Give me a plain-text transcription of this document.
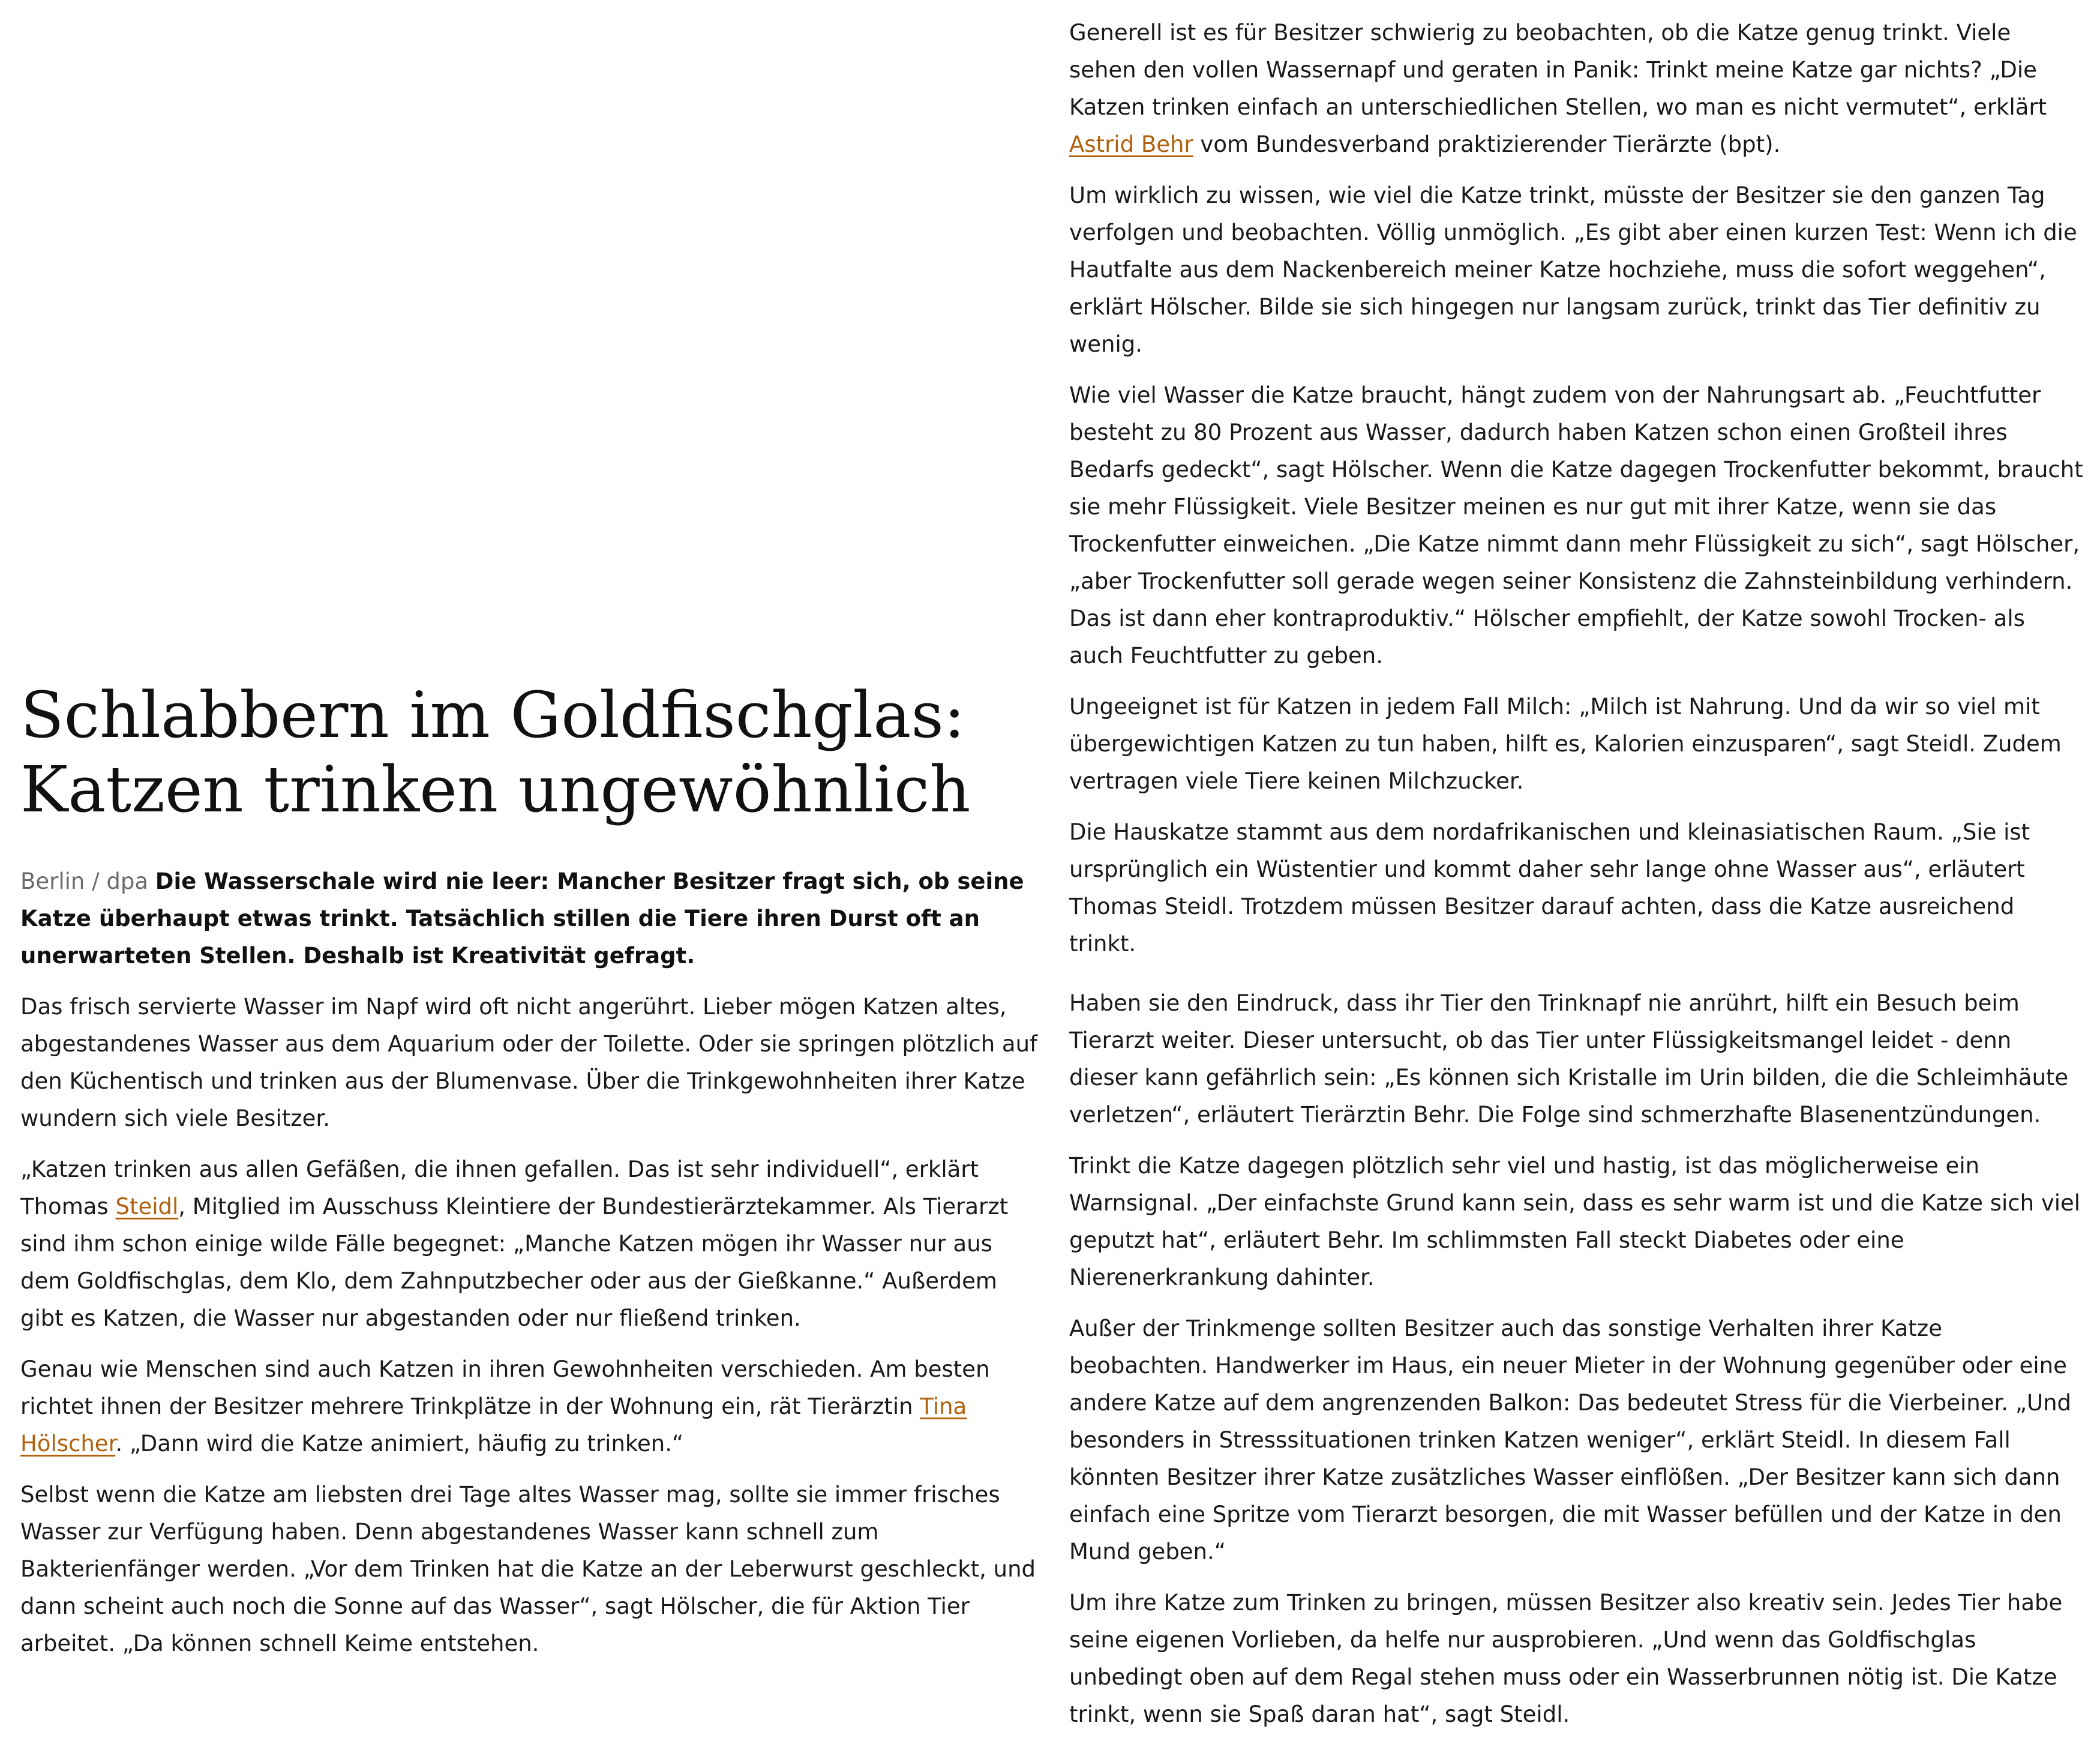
Schlabbern im Goldfischglas:
Katzen trinken ungewöhnlich

Berlin / dpa Die Wasserschale wird nie leer: Mancher Besitzer fragt sich, ob seine Katze überhaupt etwas trinkt. Tatsächlich stillen die Tiere ihren Durst oft an unerwarteten Stellen. Deshalb ist Kreativität gefragt.

Das frisch servierte Wasser im Napf wird oft nicht angerührt. Lieber mögen Katzen altes, abgestandenes Wasser aus dem Aquarium oder der Toilette. Oder sie springen plötzlich auf den Küchentisch und trinken aus der Blumenvase. Über die Trinkgewohnheiten ihrer Katze wundern sich viele Besitzer.

„Katzen trinken aus allen Gefäßen, die ihnen gefallen. Das ist sehr individuell“, erklärt Thomas Steidl, Mitglied im Ausschuss Kleintiere der Bundestierärztekammer. Als Tierarzt sind ihm schon einige wilde Fälle begegnet: „Manche Katzen mögen ihr Wasser nur aus dem Goldfischglas, dem Klo, dem Zahnputzbecher oder aus der Gießkanne.“ Außerdem gibt es Katzen, die Wasser nur abgestanden oder nur fließend trinken.

Genau wie Menschen sind auch Katzen in ihren Gewohnheiten verschieden. Am besten richtet ihnen der Besitzer mehrere Trinkplätze in der Wohnung ein, rät Tierärztin Tina Hölscher. „Dann wird die Katze animiert, häufig zu trinken.“

Selbst wenn die Katze am liebsten drei Tage altes Wasser mag, sollte sie immer frisches Wasser zur Verfügung haben. Denn abgestandenes Wasser kann schnell zum Bakterienfänger werden. „Vor dem Trinken hat die Katze an der Leberwurst geschleckt, und dann scheint auch noch die Sonne auf das Wasser“, sagt Hölscher, die für Aktion Tier arbeitet. „Da können schnell Keime entstehen.

Generell ist es für Besitzer schwierig zu beobachten, ob die Katze genug trinkt. Viele sehen den vollen Wassernapf und geraten in Panik: Trinkt meine Katze gar nichts? „Die Katzen trinken einfach an unterschiedlichen Stellen, wo man es nicht vermutet“, erklärt Astrid Behr vom Bundesverband praktizierender Tierärzte (bpt).

Um wirklich zu wissen, wie viel die Katze trinkt, müsste der Besitzer sie den ganzen Tag verfolgen und beobachten. Völlig unmöglich. „Es gibt aber einen kurzen Test: Wenn ich die Hautfalte aus dem Nackenbereich meiner Katze hochziehe, muss die sofort weggehen“, erklärt Hölscher. Bilde sie sich hingegen nur langsam zurück, trinkt das Tier definitiv zu wenig.

Wie viel Wasser die Katze braucht, hängt zudem von der Nahrungsart ab. „Feuchtfutter besteht zu 80 Prozent aus Wasser, dadurch haben Katzen schon einen Großteil ihres Bedarfs gedeckt“, sagt Hölscher. Wenn die Katze dagegen Trockenfutter bekommt, braucht sie mehr Flüssigkeit. Viele Besitzer meinen es nur gut mit ihrer Katze, wenn sie das Trockenfutter einweichen. „Die Katze nimmt dann mehr Flüssigkeit zu sich“, sagt Hölscher, „aber Trockenfutter soll gerade wegen seiner Konsistenz die Zahnsteinbildung verhindern. Das ist dann eher kontraproduktiv.“ Hölscher empfiehlt, der Katze sowohl Trocken- als auch Feuchtfutter zu geben.

Ungeeignet ist für Katzen in jedem Fall Milch: „Milch ist Nahrung. Und da wir so viel mit übergewichtigen Katzen zu tun haben, hilft es, Kalorien einzusparen“, sagt Steidl. Zudem vertragen viele Tiere keinen Milchzucker.

Die Hauskatze stammt aus dem nordafrikanischen und kleinasiatischen Raum. „Sie ist ursprünglich ein Wüstentier und kommt daher sehr lange ohne Wasser aus“, erläutert Thomas Steidl. Trotzdem müssen Besitzer darauf achten, dass die Katze ausreichend trinkt.

Haben sie den Eindruck, dass ihr Tier den Trinknapf nie anrührt, hilft ein Besuch beim Tierarzt weiter. Dieser untersucht, ob das Tier unter Flüssigkeitsmangel leidet - denn dieser kann gefährlich sein: „Es können sich Kristalle im Urin bilden, die die Schleimhäute verletzen“, erläutert Tierärztin Behr. Die Folge sind schmerzhafte Blasenentzündungen.

Trinkt die Katze dagegen plötzlich sehr viel und hastig, ist das möglicherweise ein Warnsignal. „Der einfachste Grund kann sein, dass es sehr warm ist und die Katze sich viel geputzt hat“, erläutert Behr. Im schlimmsten Fall steckt Diabetes oder eine Nierenerkrankung dahinter.

Außer der Trinkmenge sollten Besitzer auch das sonstige Verhalten ihrer Katze beobachten. Handwerker im Haus, ein neuer Mieter in der Wohnung gegenüber oder eine andere Katze auf dem angrenzenden Balkon: Das bedeutet Stress für die Vierbeiner. „Und besonders in Stresssituationen trinken Katzen weniger“, erklärt Steidl. In diesem Fall könnten Besitzer ihrer Katze zusätzliches Wasser einflößen. „Der Besitzer kann sich dann einfach eine Spritze vom Tierarzt besorgen, die mit Wasser befüllen und der Katze in den Mund geben.“

Um ihre Katze zum Trinken zu bringen, müssen Besitzer also kreativ sein. Jedes Tier habe seine eigenen Vorlieben, da helfe nur ausprobieren. „Und wenn das Goldfischglas unbedingt oben auf dem Regal stehen muss oder ein Wasserbrunnen nötig ist. Die Katze trinkt, wenn sie Spaß daran hat“, sagt Steidl.
